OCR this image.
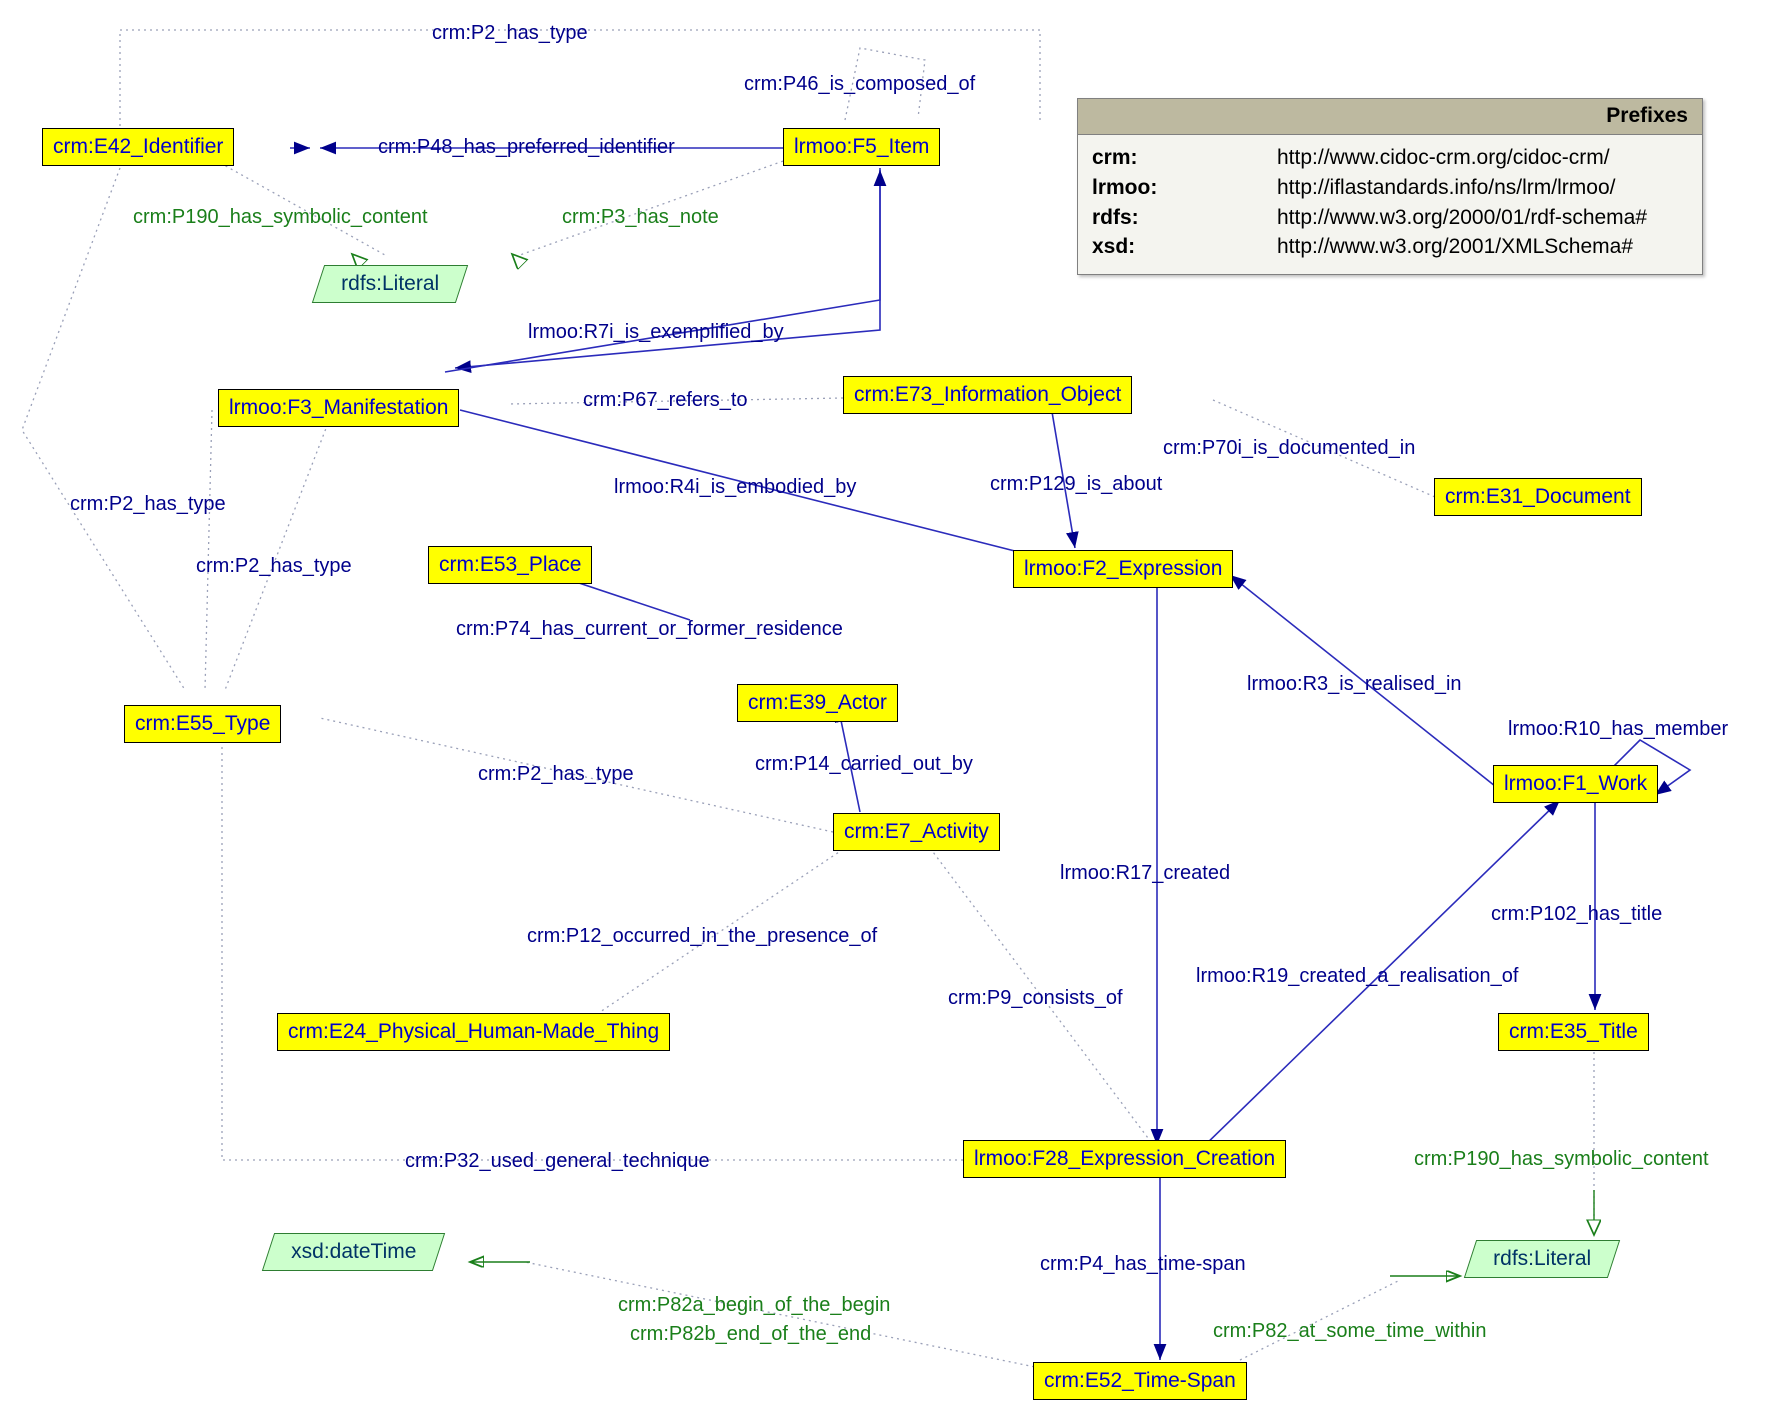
crm:E42_Identifier	lrmoo:F5_Item
rdfs:Literal
lrmoo:F3_Manifestation
crm:E73_Information_Object
crm:E31_Document
lrmoo:F2_Expression
crm:E53_Place
crm:E39_Actor
crm:E55_Type
lrmoo:F1_Work
crm:E7_Activity
crm:E24_Physical_Human-Made_Thing	crm:E35_Title
lrmoo:F28_Expression_Creation
rdfs:Literal
xsd:dateTime
crm:E52_Time-Span
crm:P2_has_type
crm:P46_is_composed_of
crm:P48_has_preferred_identifier
crm:P190_has_symbolic_content	crm:P3_has_note
lrmoo:R7i_is_exemplified_by
crm:P67_refers_to
crm:P70i_is_documented_in
crm:P2_has_type
lrmoo:R4i_is_embodied_by	crm:P129_is_about
crm:P2_has_type
crm:P74_has_current_or_former_residence
lrmoo:R3_is_realised_in
lrmoo:R10_has_member
crm:P2_has_type	crm:P14_carried_out_by
lrmoo:R17_created
crm:P102_has_title
crm:P12_occurred_in_the_presence_of
lrmoo:R19_created_a_realisation_of
crm:P9_consists_of
crm:P32_used_general_technique	crm:P190_has_symbolic_content
crm:P4_has_time-span
crm:P82a_begin_of_the_begin
crm:P82b_end_of_the_end	crm:P82_at_some_time_within
Prefixes
crm:	http://www.cidoc-crm.org/cidoc-crm/
lrmoo:	http://iflastandards.info/ns/lrm/lrmoo/
rdfs:	http://www.w3.org/2000/01/rdf-schema#
xsd:	http://www.w3.org/2001/XMLSchema#
